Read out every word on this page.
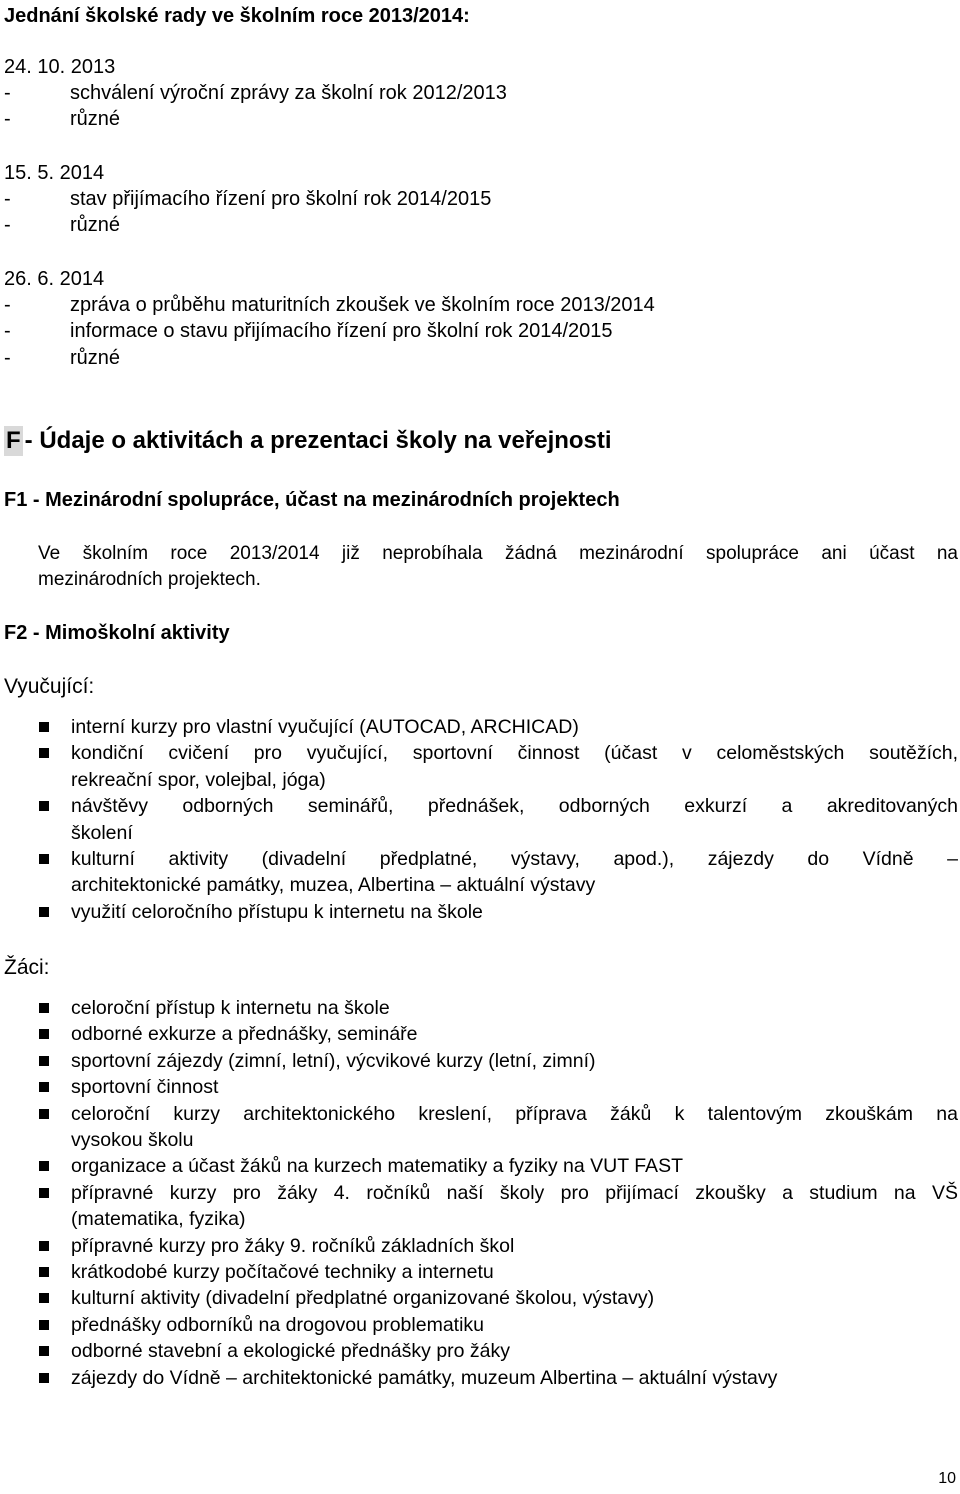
Jednání školské rady ve školním roce 2013/2014:
24. 10. 2013
-	schválení výroční zprávy za školní rok 2012/2013
-	různé
15. 5. 2014
-	stav přijímacího řízení pro školní rok 2014/2015
-	různé
26. 6. 2014
-	zpráva o průběhu maturitních zkoušek ve školním roce 2013/2014
-	informace o stavu přijímacího řízení pro školní rok 2014/2015
-	různé
F - Údaje o aktivitách a prezentaci školy na veřejnosti
F1 - Mezinárodní spolupráce, účast na mezinárodních projektech
Ve školním roce 2013/2014 již neprobíhala žádná mezinárodní spolupráce ani účast na
mezinárodních projektech.
F2 - Mimoškolní aktivity
Vyučující:
interní kurzy pro vlastní vyučující (AUTOCAD, ARCHICAD)
kondiční cvičení pro vyučující, sportovní činnost (účast v celoměstských soutěžích,
rekreační spor, volejbal, jóga)
návštěvy odborných seminářů, přednášek, odborných exkurzí a akreditovaných
školení
kulturní aktivity (divadelní předplatné, výstavy, apod.), zájezdy do Vídně –
architektonické památky, muzea, Albertina – aktuální výstavy
využití celoročního přístupu k internetu na škole
Žáci:
celoroční přístup k internetu na škole
odborné exkurze a přednášky, semináře
sportovní zájezdy (zimní, letní), výcvikové kurzy (letní, zimní)
sportovní činnost
celoroční kurzy architektonického kreslení, příprava žáků k talentovým zkouškám na
vysokou školu
organizace a účast žáků na kurzech matematiky a fyziky na VUT FAST
přípravné kurzy pro žáky 4. ročníků naší školy pro přijímací zkoušky a studium na VŠ
(matematika, fyzika)
přípravné kurzy pro žáky 9. ročníků základních škol
krátkodobé kurzy počítačové techniky a internetu
kulturní aktivity (divadelní předplatné organizované školou, výstavy)
přednášky odborníků na drogovou problematiku
odborné stavební a ekologické přednášky pro žáky
zájezdy do Vídně – architektonické památky, muzeum Albertina – aktuální výstavy
10
